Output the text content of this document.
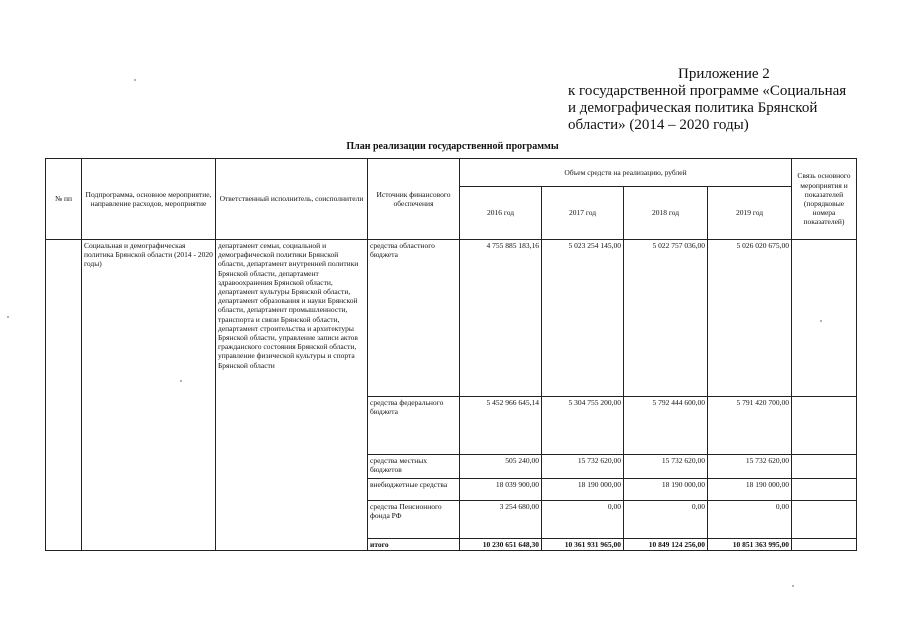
Приложение 2
к государственной программе «Социальная
и демографическая политика Брянской
области» (2014 – 2020 годы)
План реализации государственной программы
№ пп	Подпрограмма, основное мероприятие, направление расходов, мероприятие	Ответственный исполнитель, соисполнители	Источник финансового обеспечения	Объем средств на реализацию, рублей				Связь основного мероприятия и показателей (порядковые номера показателей)
				2016 год	2017 год	2018 год	2019 год	
	Социальная и демографическая политика Брянской области (2014 - 2020 годы)	департамент семьи, социальной и демографической политики Брянской области, департамент внутренней политики Брянской области, департамент здравоохранения Брянской области, департамент культуры Брянской области, департамент образования и науки Брянской области, департамент промышленности, транспорта и связи Брянской области, департамент строительства и архитектуры Брянской области, управление записи актов гражданского состояния Брянской области, управление физической культуры и спорта Брянской области	средства областного бюджета	4 755 885 183,16	5 023 254 145,00	5 022 757 036,00	5 026 020 675,00	
			средства федерального бюджета	5 452 966 645,14	5 304 755 200,00	5 792 444 600,00	5 791 420 700,00	
			средства местных бюджетов	505 240,00	15 732 620,00	15 732 620,00	15 732 620,00	
			внебюджетные средства	18 039 900,00	18 190 000,00	18 190 000,00	18 190 000,00	
			средства Пенсионного фонда РФ	3 254 680,00	0,00	0,00	0,00	
			итого	10 230 651 648,30	10 361 931 965,00	10 849 124 256,00	10 851 363 995,00	
